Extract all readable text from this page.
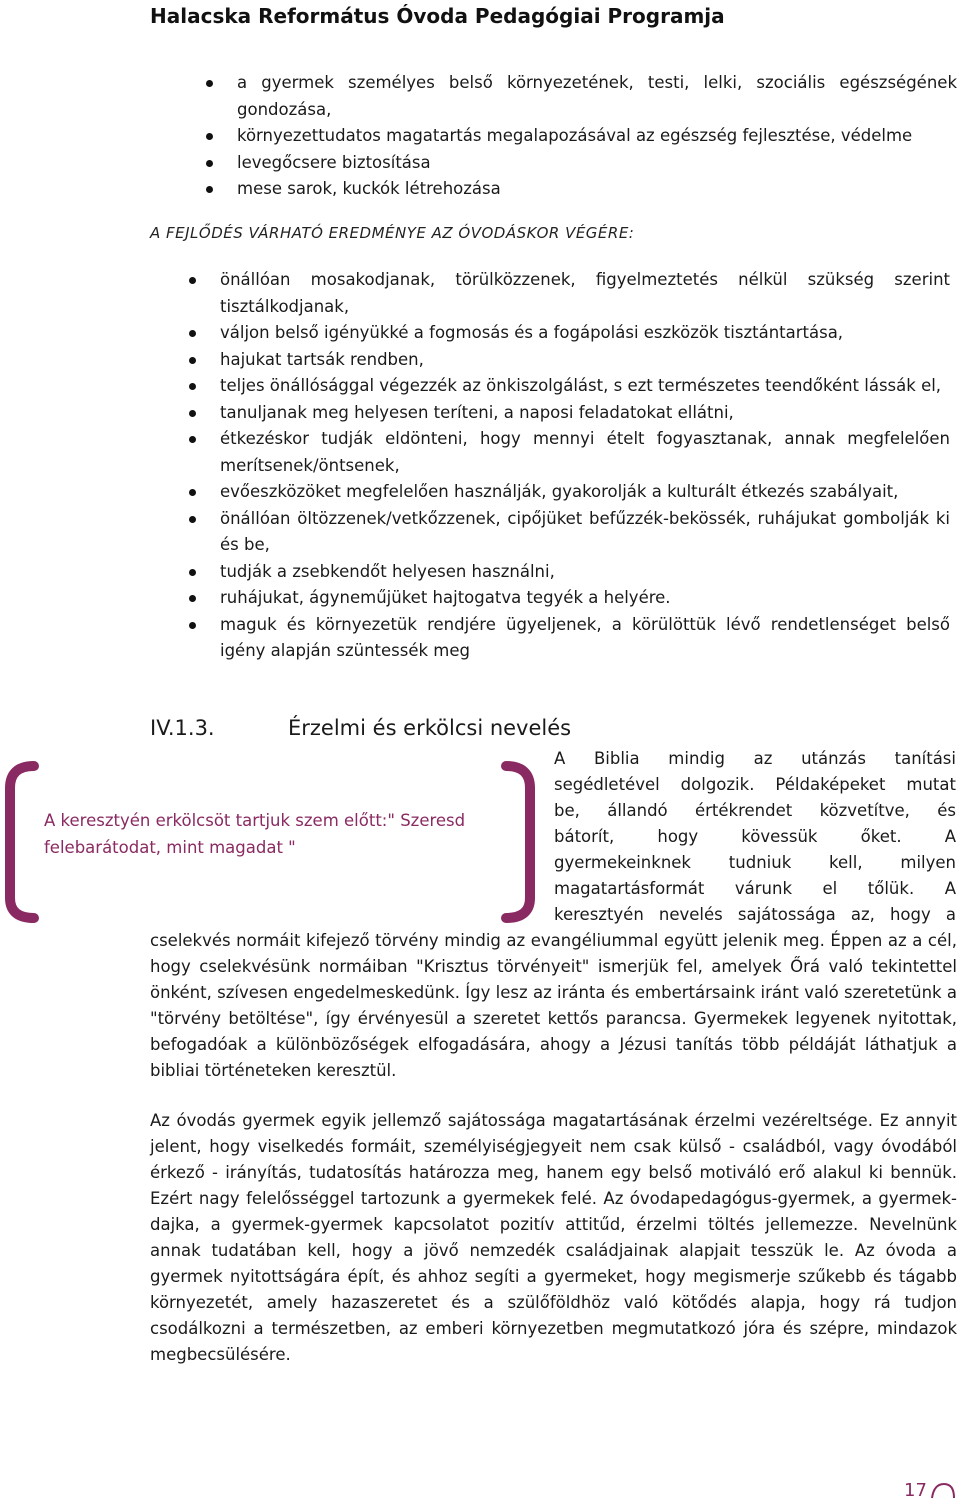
Halacska Református Óvoda Pedagógiai Programja
a gyermek személyes belső környezetének, testi, lelki, szociális egészségének gondozása,
környezettudatos magatartás megalapozásával az egészség fejlesztése, védelme
levegőcsere biztosítása
mese sarok, kuckók létrehozása
A FEJLŐDÉS VÁRHATÓ EREDMÉNYE AZ ÓVODÁSKOR VÉGÉRE:
önállóan mosakodjanak, törülközzenek, figyelmeztetés nélkül szükség szerint tisztálkodjanak,
váljon belső igényükké a fogmosás és a fogápolási eszközök tisztántartása,
hajukat tartsák rendben,
teljes önállósággal végezzék az önkiszolgálást, s ezt természetes teendőként lássák el,
tanuljanak meg helyesen teríteni, a naposi feladatokat ellátni,
étkezéskor tudják eldönteni, hogy mennyi ételt fogyasztanak, annak megfelelően merítsenek/öntsenek,
evőeszközöket megfelelően használják, gyakorolják a kulturált étkezés szabályait,
önállóan öltözzenek/vetkőzzenek, cipőjüket befűzzék-bekössék, ruhájukat gombolják ki és be,
tudják a zsebkendőt helyesen használni,
ruhájukat, ágyneműjüket hajtogatva tegyék a helyére.
maguk és környezetük rendjére ügyeljenek, a körülöttük lévő rendetlenséget belső igény alapján szüntessék meg
IV.1.3.	Érzelmi és erkölcsi nevelés
A keresztyén erkölcsöt tartjuk szem előtt:" Szeresd felebarátodat, mint magadat "
A Biblia mindig az utánzás tanítási
segédletével dolgozik. Példaképeket mutat
be, állandó értékrendet közvetítve, és
bátorít, hogy kövessük őket. A
gyermekeinknek tudniuk kell, milyen
magatartásformát várunk el tőlük. A
keresztyén nevelés sajátossága az, hogy a
cselekvés normáit kifejező törvény mindig az evangéliummal együtt jelenik meg. Éppen az a cél, hogy cselekvésünk normáiban "Krisztus törvényeit" ismerjük fel, amelyek Őrá való tekintettel önként, szívesen engedelmeskedünk. Így lesz az iránta és embertársaink iránt való szeretetünk a "törvény betöltése", így érvényesül a szeretet kettős parancsa. Gyermekek legyenek nyitottak, befogadóak a különbözőségek elfogadására, ahogy a Jézusi tanítás több példáját láthatjuk a bibliai történeteken keresztül.
Az óvodás gyermek egyik jellemző sajátossága magatartásának érzelmi vezéreltsége. Ez annyit jelent, hogy viselkedés formáit, személyiségjegyeit nem csak külső - családból, vagy óvodából érkező - irányítás, tudatosítás határozza meg, hanem egy belső motiváló erő alakul ki bennük. Ezért nagy felelősséggel tartozunk a gyermekek felé. Az óvodapedagógus-gyermek, a gyermek-dajka, a gyermek-gyermek kapcsolatot pozitív attitűd, érzelmi töltés jellemezze. Nevelnünk annak tudatában kell, hogy a jövő nemzedék családjainak alapjait tesszük le. Az óvoda a gyermek nyitottságára épít, és ahhoz segíti a gyermeket, hogy megismerje szűkebb és tágabb környezetét, amely hazaszeretet és a szülőföldhöz való kötődés alapja, hogy rá tudjon csodálkozni a természetben, az emberi környezetben megmutatkozó jóra és szépre, mindazok megbecsülésére.
17
